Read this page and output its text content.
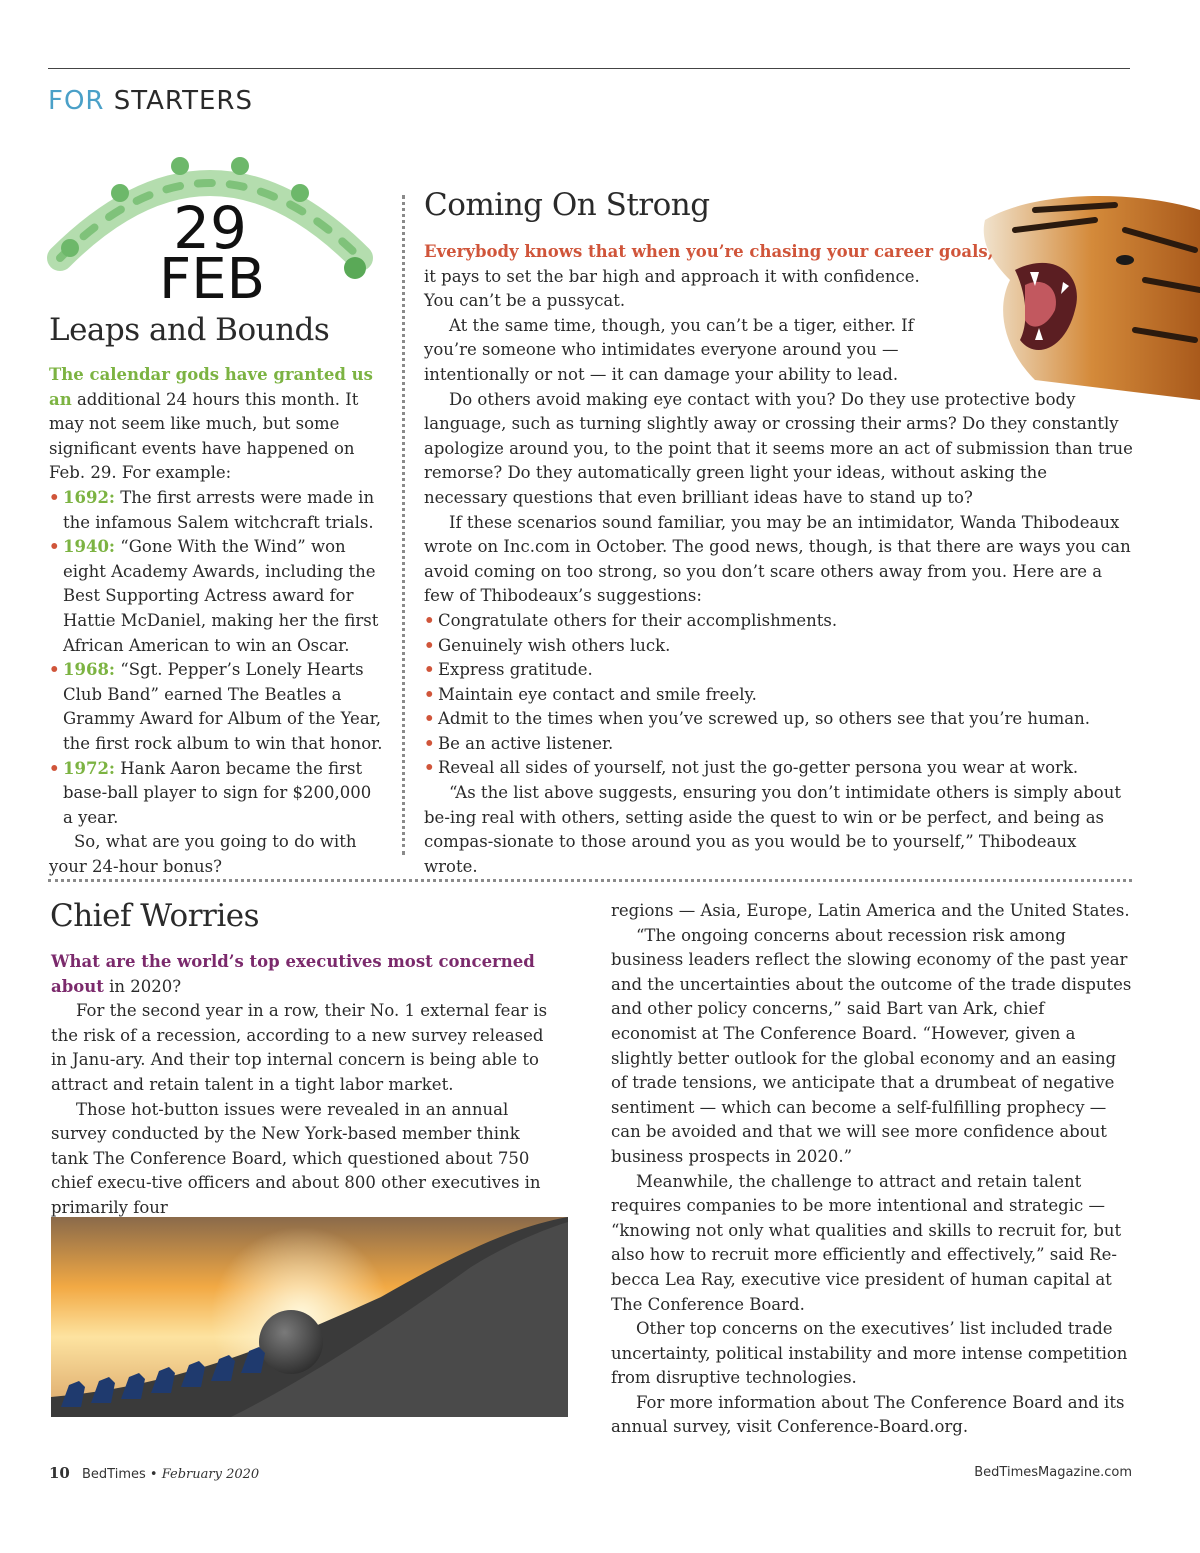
FOR STARTERS
29
FEB
Leaps and Bounds

The calendar gods have granted us an additional 24 hours this month. It may not seem like much, but some significant events have happened on Feb. 29. For example:

• 1692: The first arrests were made in the infamous Salem witchcraft trials.
• 1940: “Gone With the Wind” won eight Academy Awards, including the Best Supporting Actress award for Hattie McDaniel, making her the first African American to win an Oscar.
• 1968: “Sgt. Pepper’s Lonely Hearts Club Band” earned The Beatles a Grammy Award for Album of the Year, the first rock album to win that honor.
• 1972: Hank Aaron became the first base-ball player to sign for $200,000 a year.

So, what are you going to do with your 24-hour bonus?

Coming On Strong

Everybody knows that when you’re chasing your career goals,

it pays to set the bar high and approach it with confidence. You can’t be a pussycat.

At the same time, though, you can’t be a tiger, either. If you’re someone who intimidates everyone around you — intentionally or not — it can damage your ability to lead.

Do others avoid making eye contact with you? Do they use protective body language, such as turning slightly away or crossing their arms? Do they constantly apologize around you, to the point that it seems more an act of submission than true remorse? Do they automatically green light your ideas, without asking the necessary questions that even brilliant ideas have to stand up to?

If these scenarios sound familiar, you may be an intimidator, Wanda Thibodeaux wrote on Inc.com in October. The good news, though, is that there are ways you can avoid coming on too strong, so you don’t scare others away from you. Here are a few of Thibodeaux’s suggestions:

• Congratulate others for their accomplishments.
• Genuinely wish others luck.
• Express gratitude.
• Maintain eye contact and smile freely.
• Admit to the times when you’ve screwed up, so others see that you’re human.
• Be an active listener.
• Reveal all sides of yourself, not just the go-getter persona you wear at work.

“As the list above suggests, ensuring you don’t intimidate others is simply about be-ing real with others, setting aside the quest to win or be perfect, and being as compas-sionate to those around you as you would be to yourself,” Thibodeaux wrote.

Chief Worries

What are the world’s top executives most concerned about in 2020?

For the second year in a row, their No. 1 external fear is the risk of a recession, according to a new survey released in Janu-ary. And their top internal concern is being able to attract and retain talent in a tight labor market.

Those hot-button issues were revealed in an annual survey conducted by the New York-based member think tank The Conference Board, which questioned about 750 chief execu-tive officers and about 800 other executives in primarily four

regions — Asia, Europe, Latin America and the United States.

“The ongoing concerns about recession risk among business leaders reflect the slowing economy of the past year and the uncertainties about the outcome of the trade disputes and other policy concerns,” said Bart van Ark, chief economist at The Conference Board. “However, given a slightly better outlook for the global economy and an easing of trade tensions, we anticipate that a drumbeat of negative sentiment — which can become a self-fulfilling prophecy — can be avoided and that we will see more confidence about business prospects in 2020.”

Meanwhile, the challenge to attract and retain talent requires companies to be more intentional and strategic — “knowing not only what qualities and skills to recruit for, but also how to recruit more efficiently and effectively,” said Re-becca Lea Ray, executive vice president of human capital at The Conference Board.

Other top concerns on the executives’ list included trade uncertainty, political instability and more intense competition from disruptive technologies.

For more information about The Conference Board and its annual survey, visit Conference-Board.org.

10 BedTimes • February 2020	BedTimesMagazine.com
